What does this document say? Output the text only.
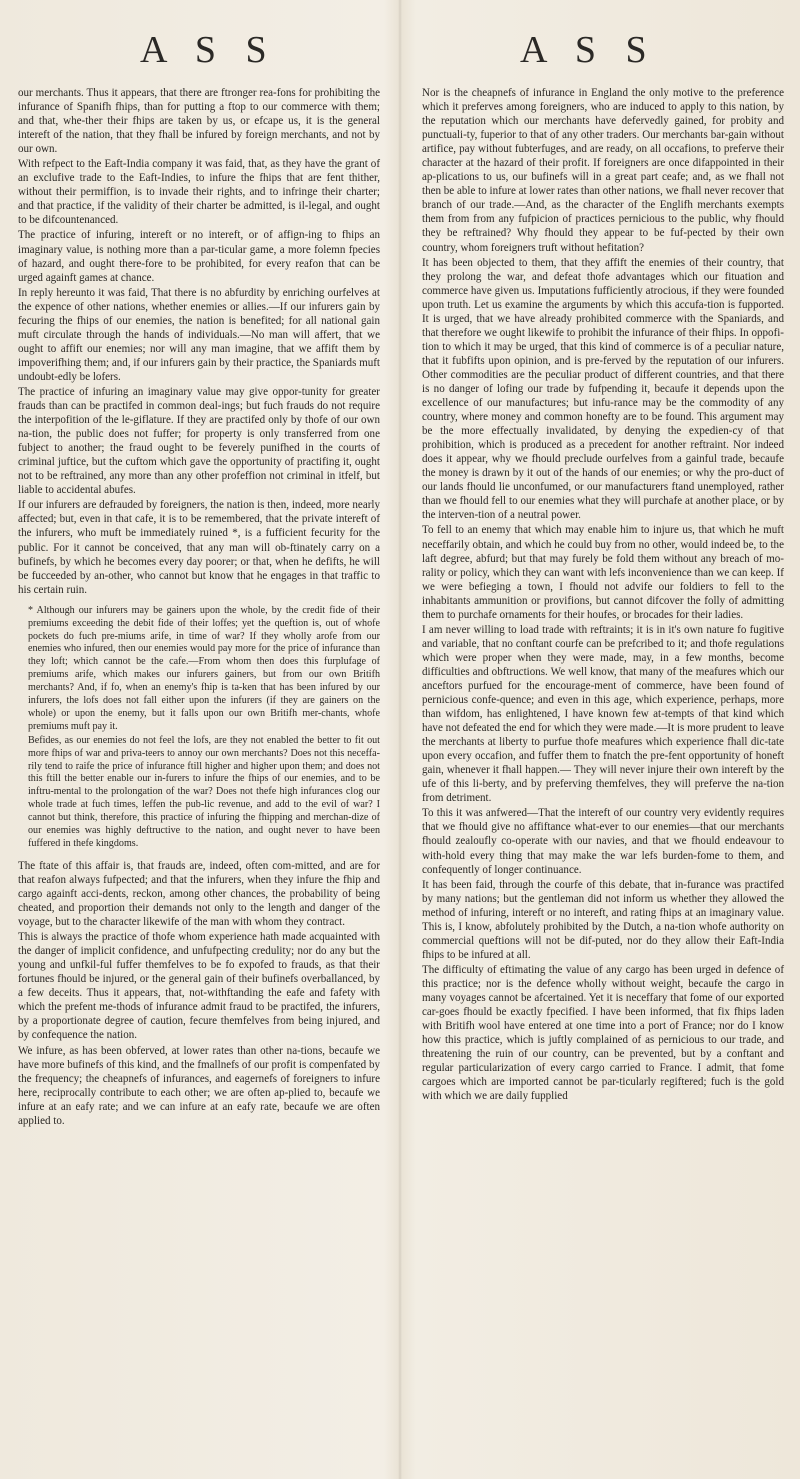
A S S	A S S

our merchants. Thus it appears, that there are ftronger rea-fons for prohibiting the infurance of Spanifh fhips, than for putting a ftop to our commerce with them; and that, whe-ther their fhips are taken by us, or efcape us, it is the general intereft of the nation, that they fhall be infured by foreign merchants, and not by our own.

With refpect to the Eaft-India company it was faid, that, as they have the grant of an exclufive trade to the Eaft-Indies, to infure the fhips that are fent thither, without their permiffion, is to invade their rights, and to infringe their charter; and that practice, if the validity of their charter be admitted, is il-legal, and ought to be difcountenanced.

The practice of infuring, intereft or no intereft, or of affign-ing to fhips an imaginary value, is nothing more than a par-ticular game, a more folemn fpecies of hazard, and ought there-fore to be prohibited, for every reafon that can be urged againft games at chance.

In reply hereunto it was faid, That there is no abfurdity by enriching ourfelves at the expence of other nations, whether enemies or allies.—If our infurers gain by fecuring the fhips of our enemies, the nation is benefited; for all national gain muft circulate through the hands of individuals.—No man will affert, that we ought to affift our enemies; nor will any man imagine, that we affift them by impoverifhing them; and, if our infurers gain by their practice, the Spaniards muft undoubt-edly be lofers.

The practice of infuring an imaginary value may give oppor-tunity for greater frauds than can be practifed in common deal-ings; but fuch frauds do not require the interpofition of the le-giflature. If they are practifed only by thofe of our own na-tion, the public does not fuffer; for property is only transferred from one fubject to another; the fraud ought to be feverely punifhed in the courts of criminal juftice, but the cuftom which gave the opportunity of practifing it, ought not to be reftrained, any more than any other profeffion not criminal in itfelf, but liable to accidental abufes.

If our infurers are defrauded by foreigners, the nation is then, indeed, more nearly affected; but, even in that cafe, it is to be remembered, that the private intereft of the infurers, who muft be immediately ruined *, is a fufficient fecurity for the public. For it cannot be conceived, that any man will ob-ftinately carry on a bufinefs, by which he becomes every day poorer; or that, when he defifts, he will be fucceeded by an-other, who cannot but know that he engages in that traffic to his certain ruin.

* Although our infurers may be gainers upon the whole, by the credit fide of their premiums exceeding the debit fide of their loffes; yet the queftion is, out of whofe pockets do fuch pre-miums arife, in time of war? If they wholly arofe from our enemies who infured, then our enemies would pay more for the price of infurance than they loft; which cannot be the cafe.—From whom then does this furplufage of premiums arife, which makes our infurers gainers, but from our own Britifh merchants? And, if fo, when an enemy's fhip is ta-ken that has been infured by our infurers, the lofs does not fall either upon the infurers (if they are gainers on the whole) or upon the enemy, but it falls upon our own Britifh mer-chants, whofe premiums muft pay it.

Befides, as our enemies do not feel the lofs, are they not enabled the better to fit out more fhips of war and priva-teers to annoy our own merchants? Does not this neceffa-rily tend to raife the price of infurance ftill higher and higher upon them; and does not this ftill the better enable our in-furers to infure the fhips of our enemies, and to be inftru-mental to the prolongation of the war? Does not thefe high infurances clog our whole trade at fuch times, leffen the pub-lic revenue, and add to the evil of war? I cannot but think, therefore, this practice of infuring the fhipping and merchan-dize of our enemies was highly deftructive to the nation, and ought never to have been fuffered in thefe kingdoms.

The ftate of this affair is, that frauds are, indeed, often com-mitted, and are for that reafon always fufpected; and that the infurers, when they infure the fhip and cargo againft acci-dents, reckon, among other chances, the probability of being cheated, and proportion their demands not only to the length and danger of the voyage, but to the character likewife of the man with whom they contract.

This is always the practice of thofe whom experience hath made acquainted with the danger of implicit confidence, and unfufpecting credulity; nor do any but the young and unfkil-ful fuffer themfelves to be fo expofed to frauds, as that their fortunes fhould be injured, or the general gain of their bufinefs overballanced, by a few deceits. Thus it appears, that, not-withftanding the eafe and fafety with which the prefent me-thods of infurance admit fraud to be practifed, the infurers, by a proportionate degree of caution, fecure themfelves from being injured, and by confequence the nation.

We infure, as has been obferved, at lower rates than other na-tions, becaufe we have more bufinefs of this kind, and the fmallnefs of our profit is compenfated by the frequency; the cheapnefs of infurances, and eagernefs of foreigners to infure here, reciprocally contribute to each other; we are often ap-plied to, becaufe we infure at an eafy rate; and we can infure at an eafy rate, becaufe we are often applied to.

Nor is the cheapnefs of infurance in England the only motive to the preference which it preferves among foreigners, who are induced to apply to this nation, by the reputation which our merchants have defervedly gained, for probity and punctuali-ty, fuperior to that of any other traders. Our merchants bar-gain without artifice, pay without fubterfuges, and are ready, on all occafions, to preferve their character at the hazard of their profit. If foreigners are once difappointed in their ap-plications to us, our bufinefs will in a great part ceafe; and, as we fhall not then be able to infure at lower rates than other nations, we fhall never recover that branch of our trade.—And, as the character of the Englifh merchants exempts them from from any fufpicion of practices pernicious to the public, why fhould they be reftrained? Why fhould they appear to be fuf-pected by their own country, whom foreigners truft without hefitation?

It has been objected to them, that they affift the enemies of their country, that they prolong the war, and defeat thofe advantages which our fituation and commerce have given us. Imputations fufficiently atrocious, if they were founded upon truth. Let us examine the arguments by which this accufa-tion is fupported. It is urged, that we have already prohibited commerce with the Spaniards, and that therefore we ought likewife to prohibit the infurance of their fhips. In oppofi-tion to which it may be urged, that this kind of commerce is of a peculiar nature, that it fubfifts upon opinion, and is pre-ferved by the reputation of our infurers. Other commodities are the peculiar product of different countries, and that there is no danger of lofing our trade by fufpending it, becaufe it depends upon the excellence of our manufactures; but infu-rance may be the commodity of any country, where money and common honefty are to be found. This argument may be the more effectually invalidated, by denying the expedien-cy of that prohibition, which is produced as a precedent for another reftraint. Nor indeed does it appear, why we fhould preclude ourfelves from a gainful trade, becaufe the money is drawn by it out of the hands of our enemies; or why the pro-duct of our lands fhould lie unconfumed, or our manufacturers ftand unemployed, rather than we fhould fell to our enemies what they will purchafe at another place, or by the interven-tion of a neutral power.

To fell to an enemy that which may enable him to injure us, that which he muft neceffarily obtain, and which he could buy from no other, would indeed be, to the laft degree, abfurd; but that may furely be fold them without any breach of mo-rality or policy, which they can want with lefs inconvenience than we can keep. If we were befieging a town, I fhould not advife our foldiers to fell to the inhabitants ammunition or provifions, but cannot difcover the folly of admitting them to purchafe ornaments for their houfes, or brocades for their ladies.

I am never willing to load trade with reftraints; it is in it's own nature fo fugitive and variable, that no conftant courfe can be prefcribed to it; and thofe regulations which were proper when they were made, may, in a few months, become difficulties and obftructions. We well know, that many of the meafures which our anceftors purfued for the encourage-ment of commerce, have been found of pernicious confe-quence; and even in this age, which experience, perhaps, more than wifdom, has enlightened, I have known few at-tempts of that kind which have not defeated the end for which they were made.—It is more prudent to leave the merchants at liberty to purfue thofe meafures which experience fhall dic-tate upon every occafion, and fuffer them to fnatch the pre-fent opportunity of honeft gain, whenever it fhall happen.— They will never injure their own intereft by the ufe of this li-berty, and by preferving themfelves, they will preferve the na-tion from detriment.

To this it was anfwered—That the intereft of our country very evidently requires that we fhould give no affiftance what-ever to our enemies—that our merchants fhould zealoufly co-operate with our navies, and that we fhould endeavour to with-hold every thing that may make the war lefs burden-fome to them, and confequently of longer continuance.

It has been faid, through the courfe of this debate, that in-furance was practifed by many nations; but the gentleman did not inform us whether they allowed the method of infuring, intereft or no intereft, and rating fhips at an imaginary value. This is, I know, abfolutely prohibited by the Dutch, a na-tion whofe authority on commercial queftions will not be dif-puted, nor do they allow their Eaft-India fhips to be infured at all.

The difficulty of eftimating the value of any cargo has been urged in defence of this practice; nor is the defence wholly without weight, becaufe the cargo in many voyages cannot be afcertained. Yet it is neceffary that fome of our exported car-goes fhould be exactly fpecified. I have been informed, that fix fhips laden with Britifh wool have entered at one time into a port of France; nor do I know how this practice, which is juftly complained of as pernicious to our trade, and threatening the ruin of our country, can be prevented, but by a conftant and regular particularization of every cargo carried to France. I admit, that fome cargoes which are imported cannot be par-ticularly regiftered; fuch is the gold with which we are daily fupplied
